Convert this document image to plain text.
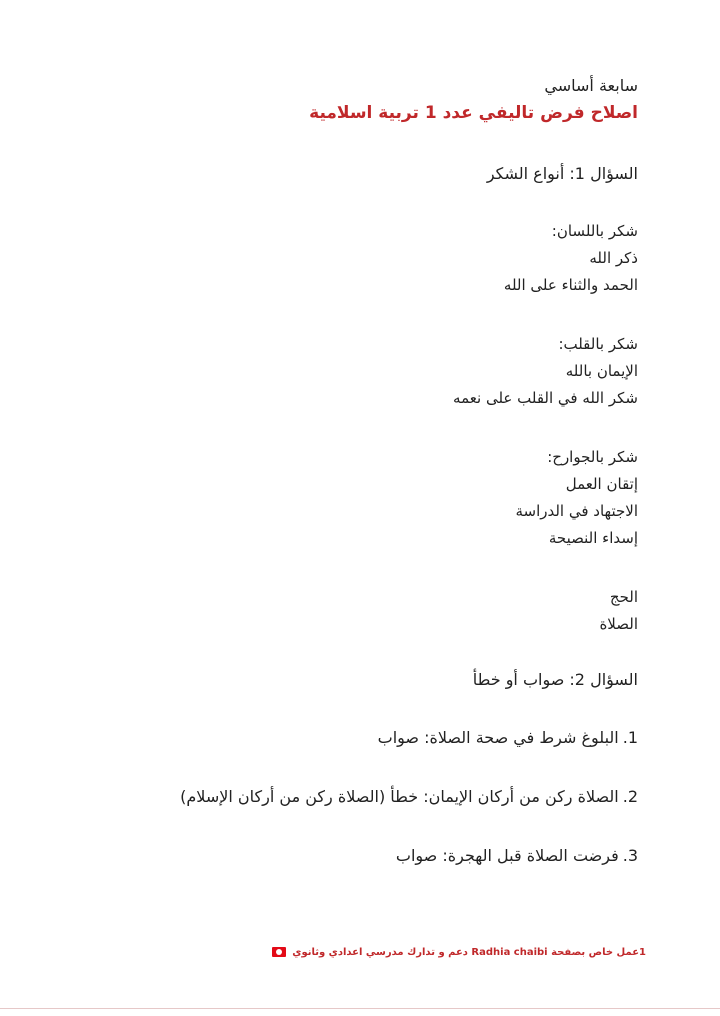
سابعة أساسي

اصلاح فرض تاليفي عدد 1 تربية اسلامية

السؤال 1: أنواع الشكر

شكر باللسان:

ذكر الله

الحمد والثناء على الله

شكر بالقلب:

الإيمان بالله

شكر الله في القلب على نعمه

شكر بالجوارح:

إتقان العمل

الاجتهاد في الدراسة

إسداء النصيحة

الحج

الصلاة

السؤال 2: صواب أو خطأ

1.البلوغ شرط في صحة الصلاة: صواب
2.الصلاة ركن من أركان الإيمان: خطأ (الصلاة ركن من أركان الإسلام)
3.فرضت الصلاة قبل الهجرة: صواب
1عمل خاص بصفحة Radhia chaibi دعم و تدارك مدرسي اعدادي وثانوي
